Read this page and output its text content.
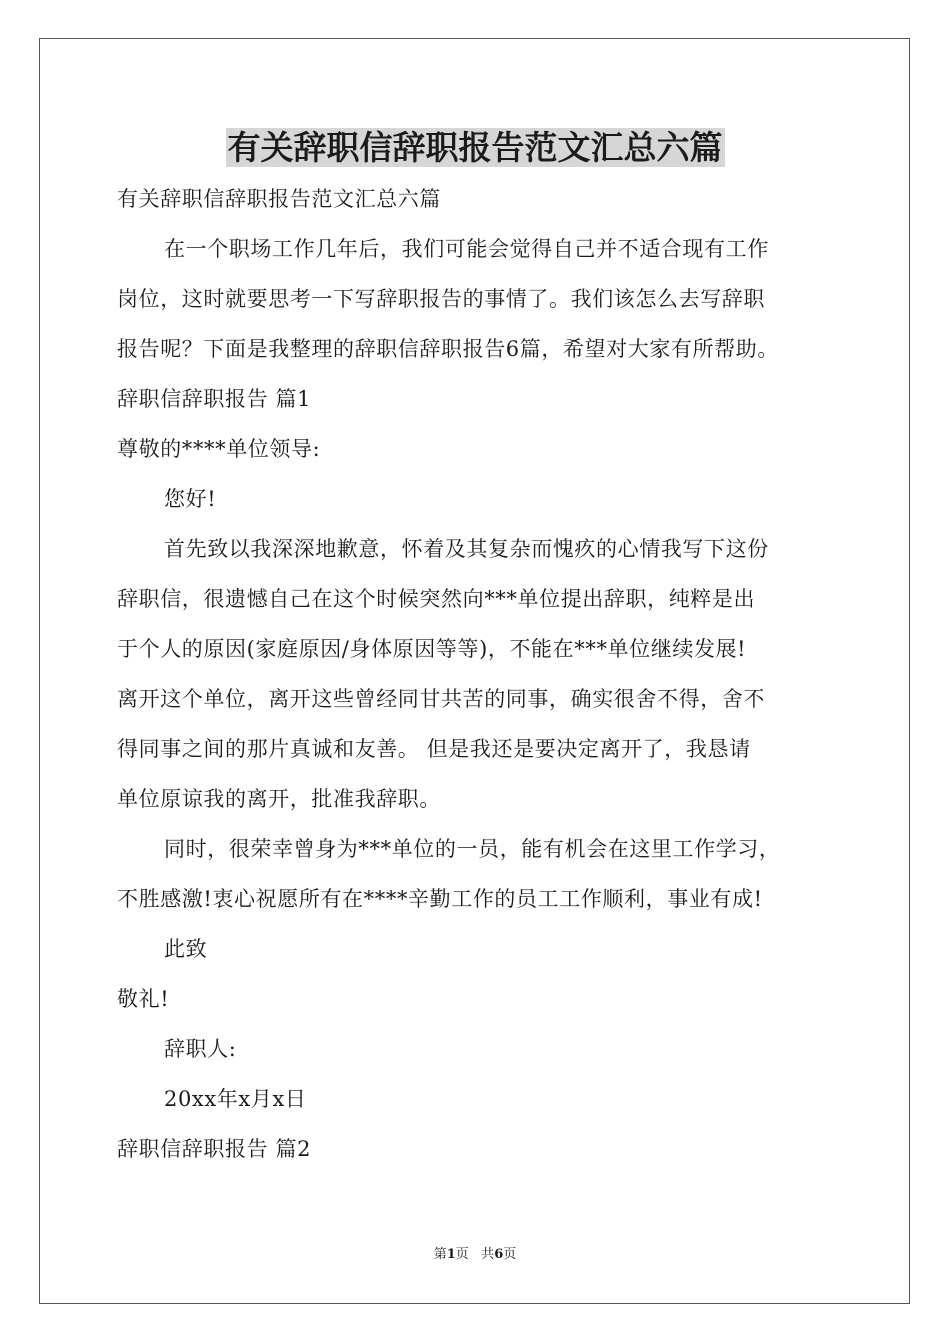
有关辞职信辞职报告范文汇总六篇
有关辞职信辞职报告范文汇总六篇
在一个职场工作几年后，我们可能会觉得自己并不适合现有工作
岗位，这时就要思考一下写辞职报告的事情了。我们该怎么去写辞职
报告呢？下面是我整理的辞职信辞职报告6篇，希望对大家有所帮助。
辞职信辞职报告 篇1
尊敬的****单位领导:
您好!
首先致以我深深地歉意，怀着及其复杂而愧疚的心情我写下这份
辞职信，很遗憾自己在这个时候突然向***单位提出辞职，纯粹是出
于个人的原因(家庭原因/身体原因等等)，不能在***单位继续发展!
离开这个单位，离开这些曾经同甘共苦的同事，确实很舍不得，舍不
得同事之间的那片真诚和友善。 但是我还是要决定离开了，我恳请
单位原谅我的离开，批准我辞职。
同时，很荣幸曾身为***单位的一员，能有机会在这里工作学习，
不胜感激!衷心祝愿所有在****辛勤工作的员工工作顺利，事业有成!
此致
敬礼!
辞职人:
20xx年x月x日
辞职信辞职报告 篇2
第1页 共6页
